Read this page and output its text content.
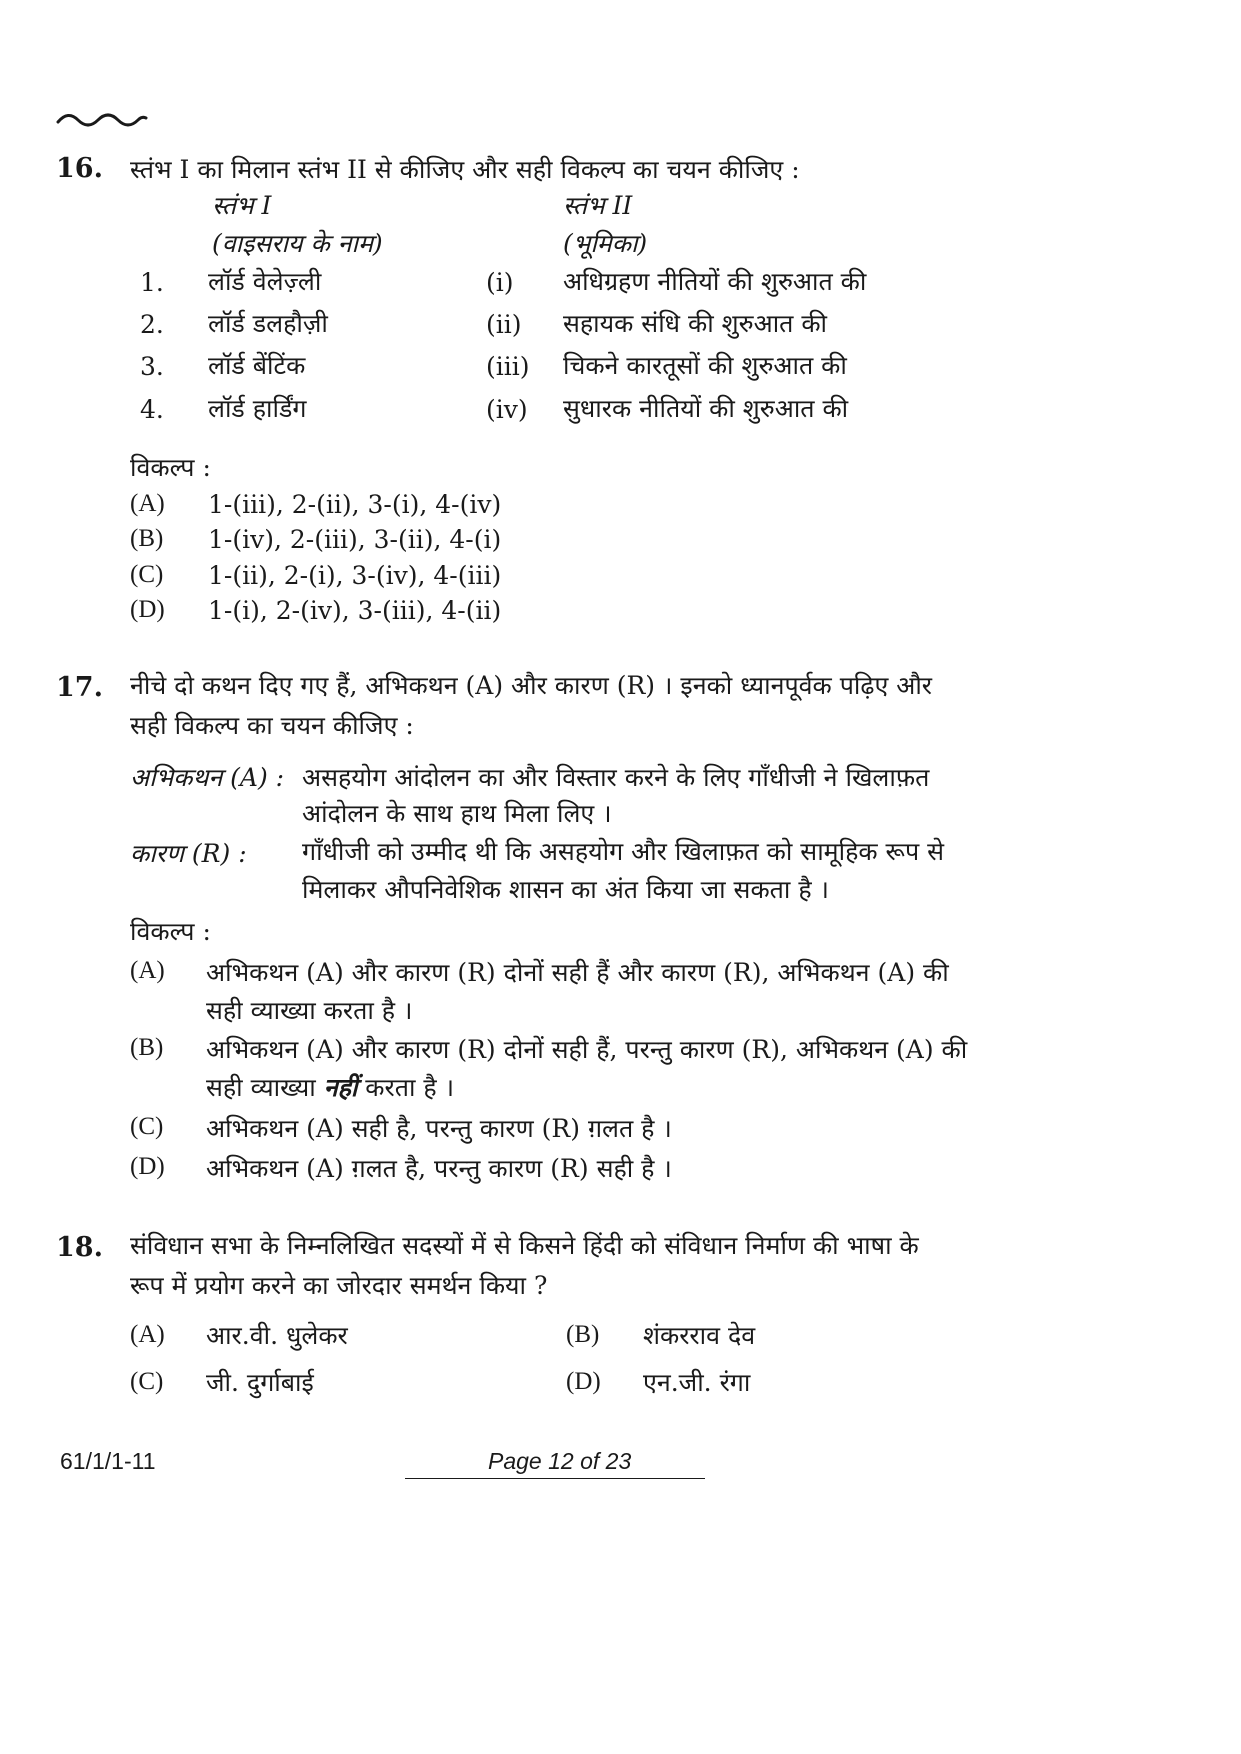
16. स्तंभ I का मिलान स्तंभ II से कीजिए और सही विकल्प का चयन कीजिए :
स्तंभ I
(वाइसराय के नाम)
स्तंभ II
(भूमिका)
1. लॉर्ड वेलेज़्ली	(i) अधिग्रहण नीतियों की शुरुआत की
2. लॉर्ड डलहौज़ी	(ii) सहायक संधि की शुरुआत की
3. लॉर्ड बेंटिंक	(iii) चिकने कारतूसों की शुरुआत की
4. लॉर्ड हार्डिंग	(iv) सुधारक नीतियों की शुरुआत की
विकल्प :
(A) 1-(iii), 2-(ii), 3-(i), 4-(iv)
(B) 1-(iv), 2-(iii), 3-(ii), 4-(i)
(C) 1-(ii), 2-(i), 3-(iv), 4-(iii)
(D) 1-(i), 2-(iv), 3-(iii), 4-(ii)
17. नीचे दो कथन दिए गए हैं, अभिकथन (A) और कारण (R) । इनको ध्यानपूर्वक पढ़िए और
सही विकल्प का चयन कीजिए :
अभिकथन (A) : असहयोग आंदोलन का और विस्तार करने के लिए गाँधीजी ने खिलाफ़त
आंदोलन के साथ हाथ मिला लिए ।
कारण (R) : गाँधीजी को उम्मीद थी कि असहयोग और खिलाफ़त को सामूहिक रूप से
मिलाकर औपनिवेशिक शासन का अंत किया जा सकता है ।
विकल्प :
(A) अभिकथन (A) और कारण (R) दोनों सही हैं और कारण (R), अभिकथन (A) की
सही व्याख्या करता है ।
(B) अभिकथन (A) और कारण (R) दोनों सही हैं, परन्तु कारण (R), अभिकथन (A) की
सही व्याख्या नहीं करता है ।
(C) अभिकथन (A) सही है, परन्तु कारण (R) ग़लत है ।
(D) अभिकथन (A) ग़लत है, परन्तु कारण (R) सही है ।
18. संविधान सभा के निम्नलिखित सदस्यों में से किसने हिंदी को संविधान निर्माण की भाषा के
रूप में प्रयोग करने का जोरदार समर्थन किया ?
(A) आर.वी. धुलेकर	(B) शंकरराव देव
(C) जी. दुर्गाबाई	(D) एन.जी. रंगा
61/1/1-11	Page 12 of 23
